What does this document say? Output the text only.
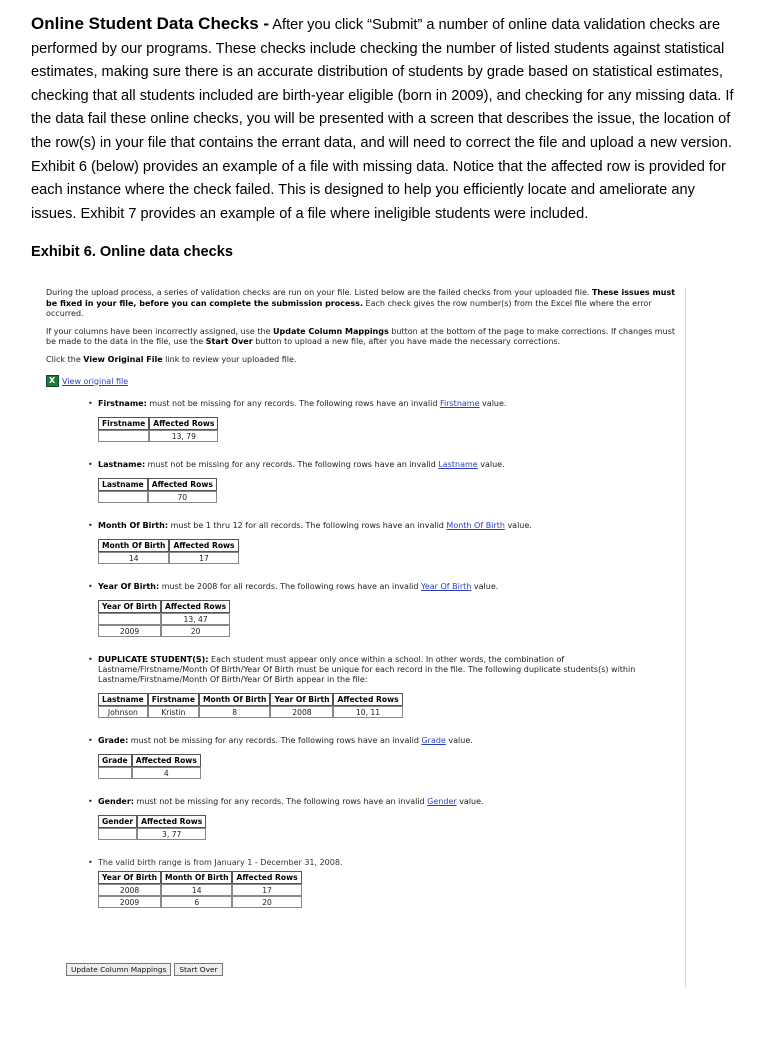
Online Student Data Checks - After you click “Submit” a number of online data validation checks are performed by our programs. These checks include checking the number of listed students against statistical estimates, making sure there is an accurate distribution of students by grade based on statistical estimates, checking that all students included are birth-year eligible (born in 2009), and checking for any missing data. If the data fail these online checks, you will be presented with a screen that describes the issue, the location of the row(s) in your file that contains the errant data, and will need to correct the file and upload a new version. Exhibit 6 (below) provides an example of a file with missing data. Notice that the affected row is provided for each instance where the check failed. This is designed to help you efficiently locate and ameliorate any issues. Exhibit 7 provides an example of a file where ineligible students were included.

Exhibit 6. Online data checks

During the upload process, a series of validation checks are run on your file. Listed below are the failed checks from your uploaded file. These issues must be fixed in your file, before you can complete the submission process. Each check gives the row number(s) from the Excel file where the error occurred.

If your columns have been incorrectly assigned, use the Update Column Mappings button at the bottom of the page to make corrections. If changes must be made to the data in the file, use the Start Over button to upload a new file, after you have made the necessary corrections.

Click the View Original File link to review your uploaded file.

X
View original file
• Firstname: must not be missing for any records. The following rows have an invalid Firstname value.
Firstname	Affected Rows
	13, 79
• Lastname: must not be missing for any records. The following rows have an invalid Lastname value.
Lastname	Affected Rows
	70
• Month Of Birth: must be 1 thru 12 for all records. The following rows have an invalid Month Of Birth value.
Month Of Birth	Affected Rows
14	17
• Year Of Birth: must be 2008 for all records. The following rows have an invalid Year Of Birth value.
Year Of Birth	Affected Rows
	13, 47
2009	20
• DUPLICATE STUDENT(S): Each student must appear only once within a school. In other words, the combination of Lastname/Firstname/Month Of Birth/Year Of Birth must be unique for each record in the file. The following duplicate students(s) within Lastname/Firstname/Month Of Birth/Year Of Birth appear in the file:
Lastname	Firstname	Month Of Birth	Year Of Birth	Affected Rows
Johnson	Kristin	8	2008	10, 11
• Grade: must not be missing for any records. The following rows have an invalid Grade value.
Grade	Affected Rows
	4
• Gender: must not be missing for any records. The following rows have an invalid Gender value.
Gender	Affected Rows
	3, 77
• The valid birth range is from January 1 - December 31, 2008.
Year Of Birth	Month Of Birth	Affected Rows
2008	14	17
2009	6	20
Update Column Mappings	Start Over
